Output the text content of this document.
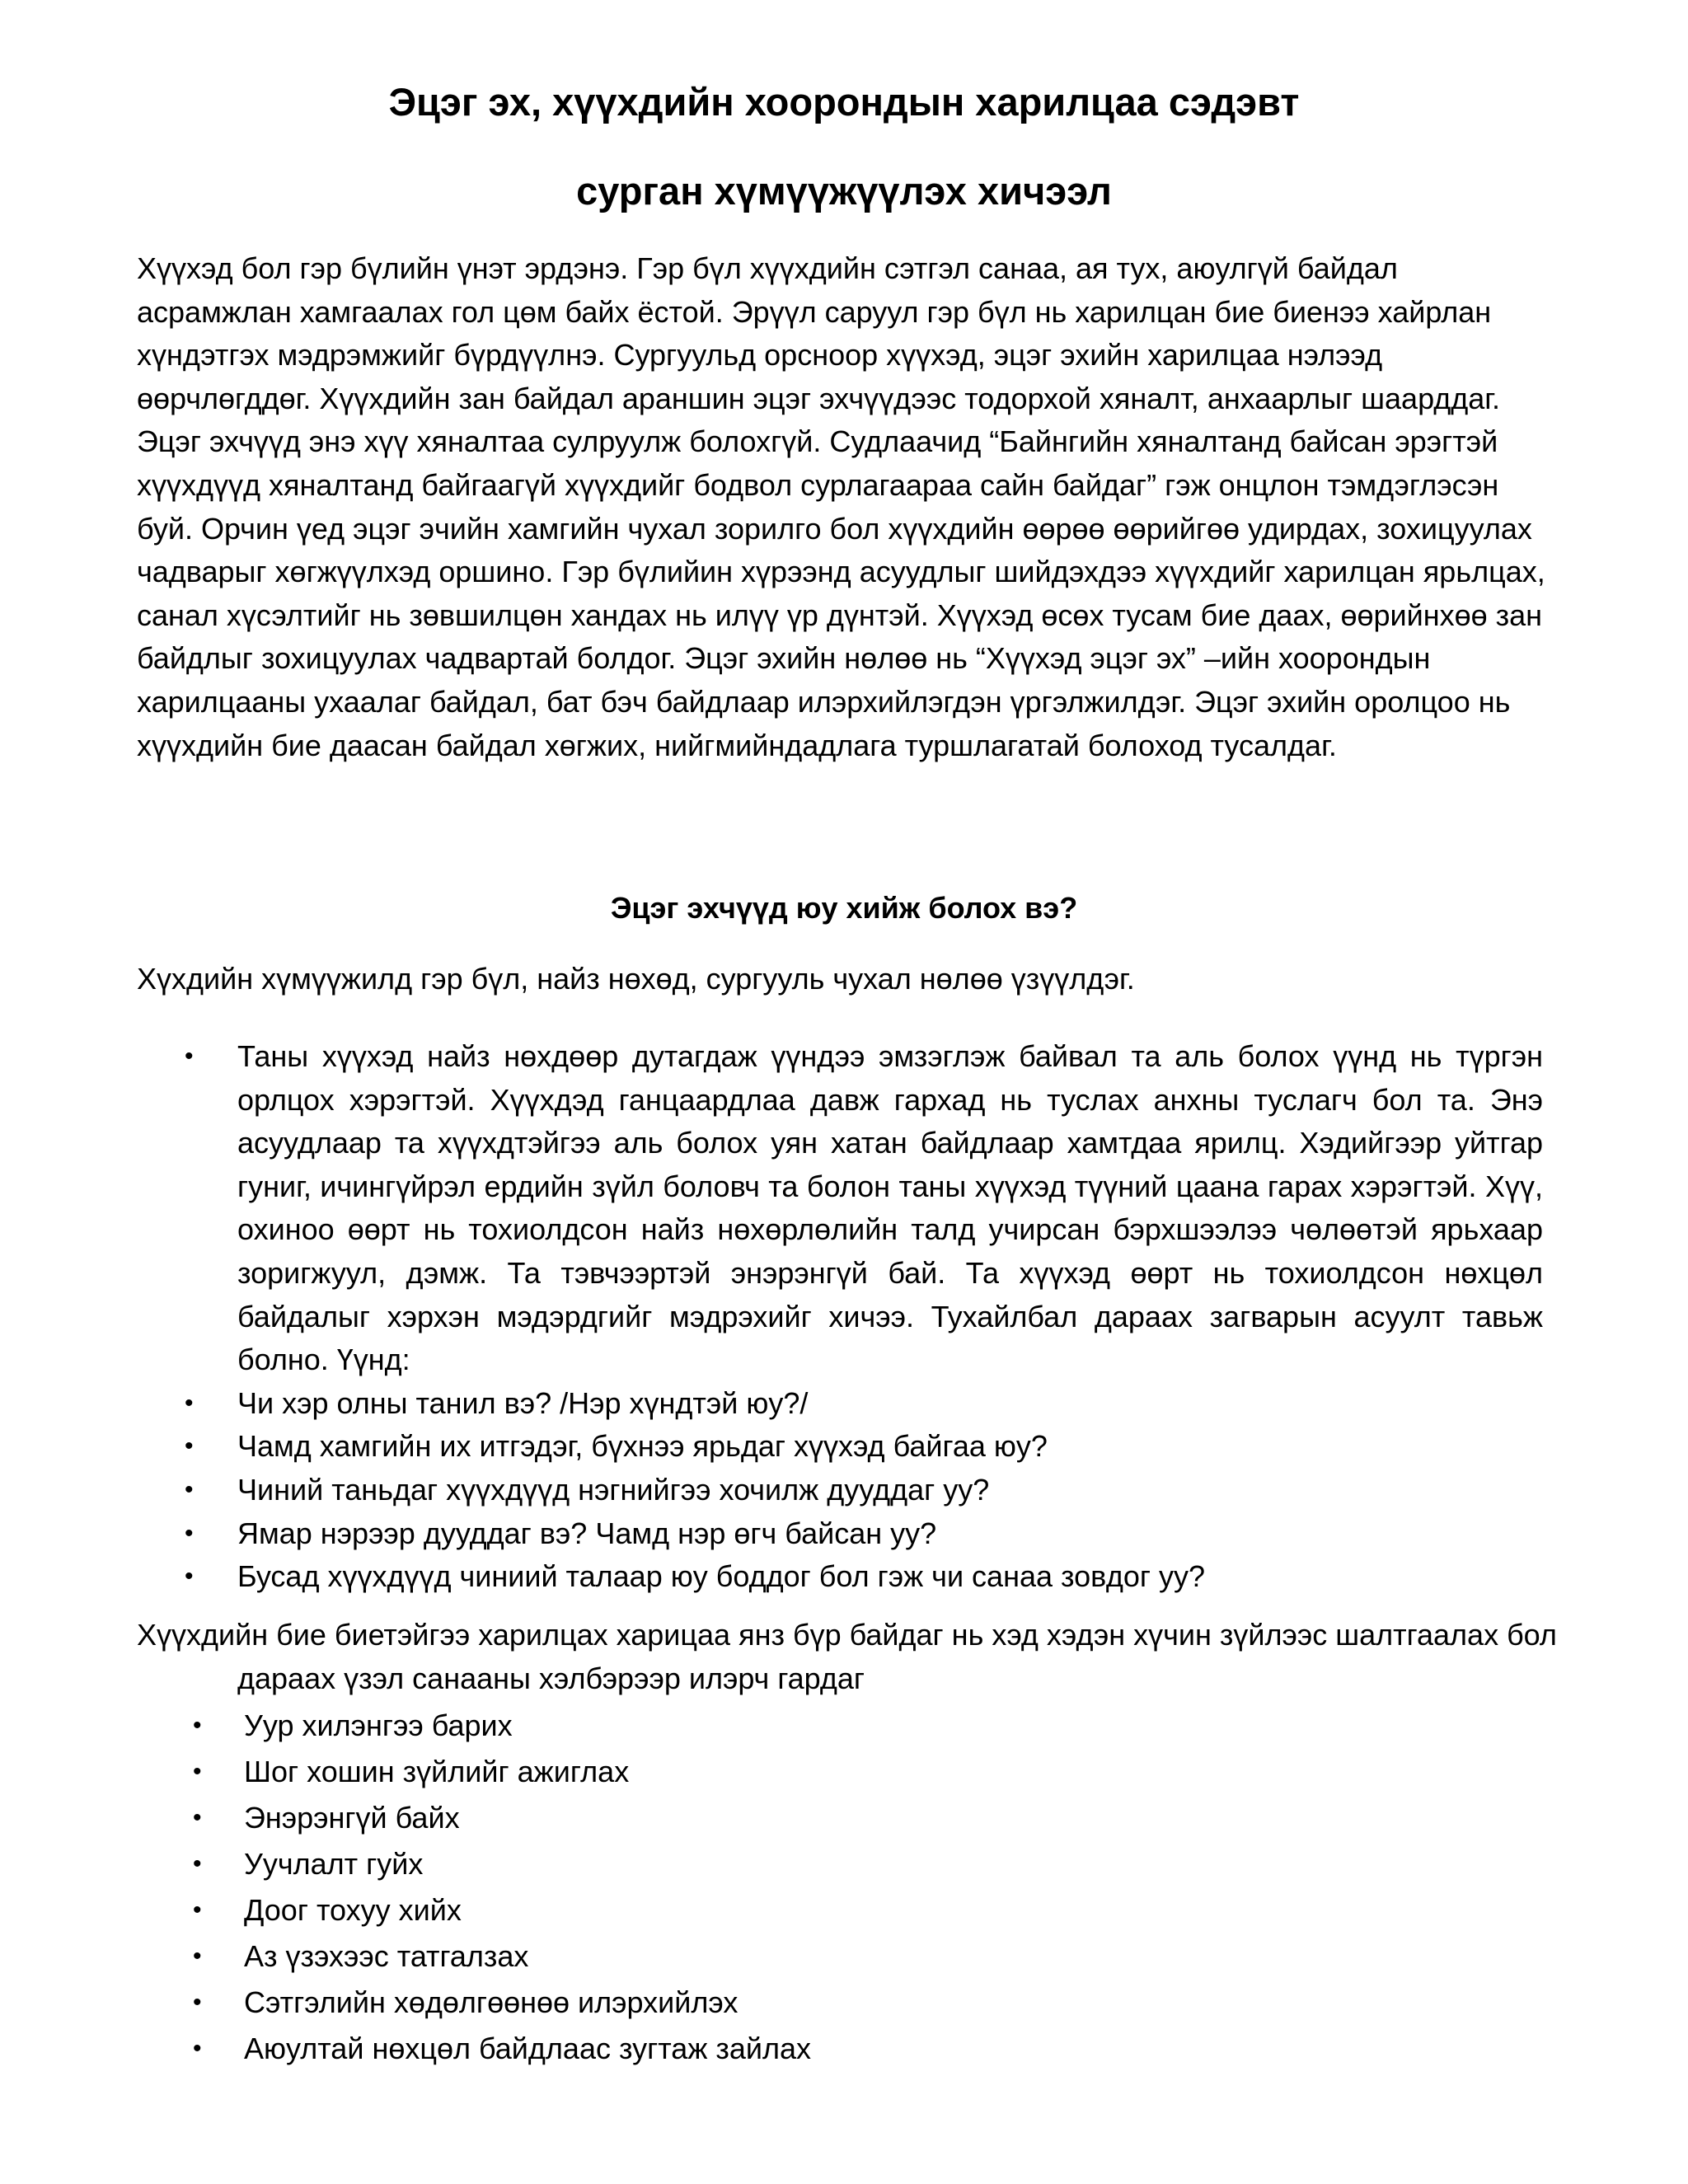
Эцэг эх, хүүхдийн хоорондын харилцаа сэдэвт
сурган хүмүүжүүлэх хичээл

Хүүхэд бол гэр бүлийн үнэт эрдэнэ. Гэр бүл хүүхдийн сэтгэл санаа, ая тух, аюулгүй байдал асрамжлан хамгаалах гол цөм байх ёстой. Эрүүл саруул гэр бүл нь харилцан бие биенээ хайрлан хүндэтгэх мэдрэмжийг бүрдүүлнэ. Сургуульд орсноор хүүхэд, эцэг эхийн харилцаа нэлээд өөрчлөгддөг. Хүүхдийн зан байдал араншин эцэг эхчүүдээс тодорхой хяналт, анхаарлыг шаарддаг. Эцэг эхчүүд энэ хүү хяналтаа сулруулж болохгүй. Судлаачид “Байнгийн хяналтанд байсан эрэгтэй хүүхдүүд хяналтанд байгаагүй хүүхдийг бодвол сурлагаараа сайн байдаг” гэж онцлон тэмдэглэсэн буй. Орчин үед эцэг эчийн хамгийн чухал зорилго бол хүүхдийн өөрөө өөрийгөө удирдах, зохицуулах чадварыг хөгжүүлхэд оршино. Гэр бүлийин хүрээнд асуудлыг шийдэхдээ хүүхдийг харилцан ярьлцах, санал хүсэлтийг нь зөвшилцөн хандах нь илүү үр дүнтэй. Хүүхэд өсөх тусам бие даах, өөрийнхөө зан байдлыг зохицуулах чадвартай болдог. Эцэг эхийн нөлөө нь “Хүүхэд эцэг эх” –ийн хоорондын харилцааны ухаалаг байдал, бат бэч байдлаар илэрхийлэгдэн үргэлжилдэг. Эцэг эхийн оролцоо нь хүүхдийн бие даасан байдал хөгжих, нийгмийндадлага туршлагатай болоход тусалдаг.

Эцэг эхчүүд юу хийж болох вэ?

Хүхдийн хүмүүжилд гэр бүл, найз нөхөд, сургууль чухал нөлөө үзүүлдэг.

• Таны хүүхэд найз нөхдөөр дутагдаж үүндээ эмзэглэж байвал та аль болох үүнд нь түргэн орлцох хэрэгтэй. Хүүхдэд ганцаардлаа давж гархад нь туслах анхны туслагч бол та. Энэ асуудлаар та хүүхдтэйгээ аль болох уян хатан байдлаар хамтдаа ярилц. Хэдийгээр уйтгар гуниг, ичингүйрэл ердийн зүйл боловч та болон таны хүүхэд түүний цаана гарах хэрэгтэй. Хүү, охиноо өөрт нь тохиолдсон найз нөхөрлөлийн талд учирсан бэрхшээлээ чөлөөтэй ярьхаар зоригжуул, дэмж. Та тэвчээртэй энэрэнгүй бай. Та хүүхэд өөрт нь тохиолдсон нөхцөл байдалыг хэрхэн мэдэрдгийг мэдрэхийг хичээ. Тухайлбал дараах загварын асуулт тавьж болно. Үүнд:
• Чи хэр олны танил вэ? /Нэр хүндтэй юу?/
• Чамд хамгийн их итгэдэг, бүхнээ ярьдаг хүүхэд байгаа юу?
• Чиний таньдаг хүүхдүүд нэгнийгээ хочилж дууддаг уу?
• Ямар нэрээр дууддаг вэ? Чамд нэр өгч байсан уу?
• Бусад хүүхдүүд чиниий талаар юу боддог бол гэж чи санаа зовдог уу?

Хүүхдийн бие биетэйгээ харилцах харицаа янз бүр байдаг нь хэд хэдэн хүчин зүйлээс шалтгаалах бол дараах үзэл санааны хэлбэрээр илэрч гардаг

• Уур хилэнгээ барих
• Шог хошин зүйлийг ажиглах
• Энэрэнгүй байх
• Уучлалт гуйх
• Доог тохуу хийх
• Аз үзэхээс татгалзах
• Сэтгэлийн хөдөлгөөнөө илэрхийлэх
• Аюултай нөхцөл байдлаас зугтаж зайлах
